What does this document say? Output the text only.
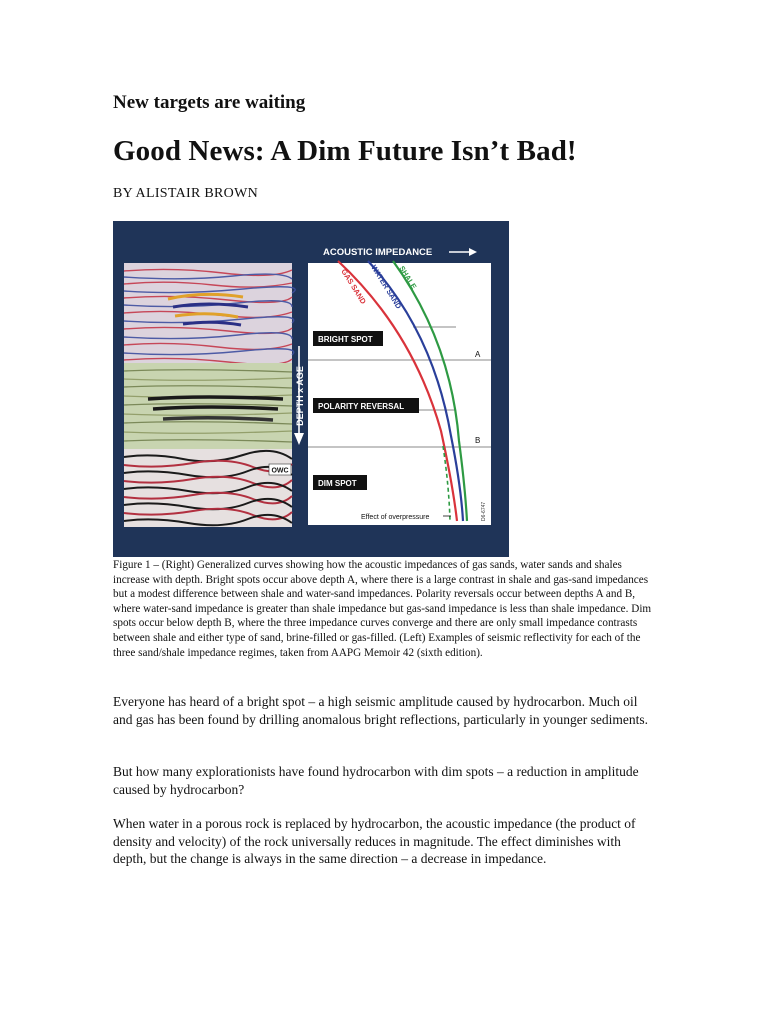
New targets are waiting
Good News: A Dim Future Isn’t Bad!

BY ALISTAIR BROWN

OWC
DEPTH x AGE
ACOUSTIC IMPEDANCE
A
B
GAS SAND WATER SAND
SHALE
BRIGHT SPOT
POLARITY REVERSAL
DIM SPOT
Effect of overpressure	D6-6747

Figure 1 – (Right) Generalized curves showing how the acoustic impedances of gas sands, water sands and shales increase with depth. Bright spots occur above depth A, where there is a large contrast in shale and gas-sand impedances but a modest difference between shale and water-sand impedances. Polarity reversals occur between depths A and B, where water-sand impedance is greater than shale impedance but gas-sand impedance is less than shale impedance. Dim spots occur below depth B, where the three impedance curves converge and there are only small impedance contrasts between shale and either type of sand, brine-filled or gas-filled. (Left) Examples of seismic reflectivity for each of the three sand/shale impedance regimes, taken from AAPG Memoir 42 (sixth edition).

Everyone has heard of a bright spot – a high seismic amplitude caused by hydrocarbon. Much oil and gas has been found by drilling anomalous bright reflections, particularly in younger sediments.

But how many explorationists have found hydrocarbon with dim spots – a reduction in amplitude caused by hydrocarbon?

When water in a porous rock is replaced by hydrocarbon, the acoustic impedance (the product of density and velocity) of the rock universally reduces in magnitude. The effect diminishes with depth, but the change is always in the same direction – a decrease in impedance.
